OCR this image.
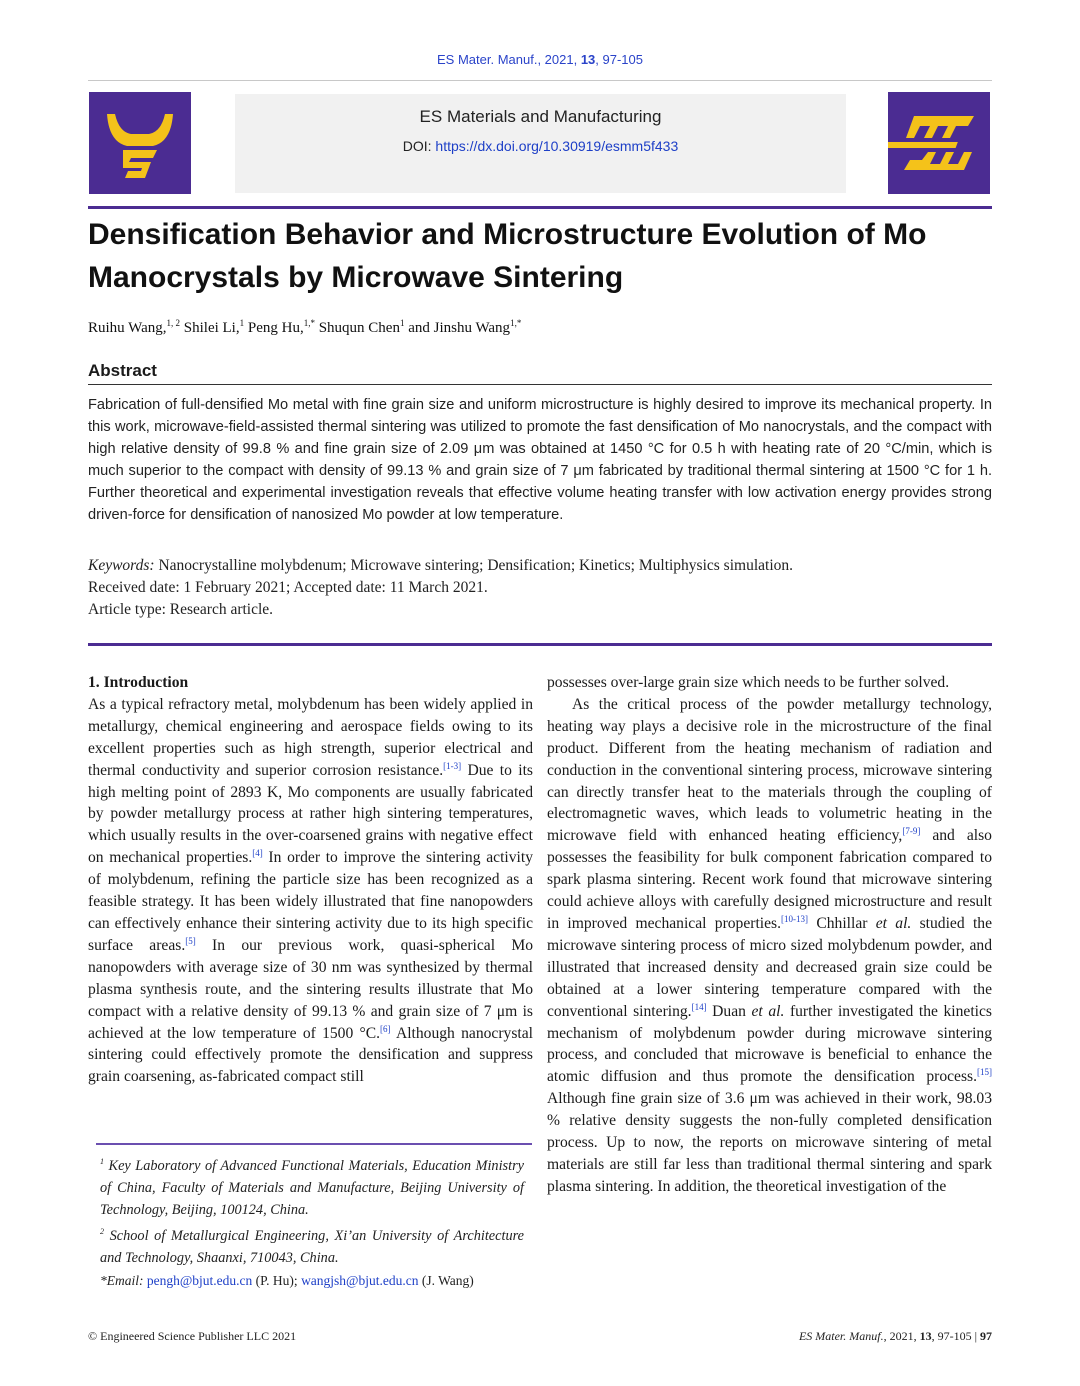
ES Mater. Manuf., 2021, 13, 97-105
ES Materials and Manufacturing
DOI: https://dx.doi.org/10.30919/esmm5f433
Densification Behavior and Microstructure Evolution of Mo Manocrystals by Microwave Sintering
Ruihu Wang,$^{1, 2}$ Shilei Li,$^1$ Peng Hu,$^{1,*}$ Shuqun Chen$^1$ and Jinshu Wang$^{1,*}$
Abstract
Fabrication of full-densified Mo metal with fine grain size and uniform microstructure is highly desired to improve its mechanical property. In this work, microwave-field-assisted thermal sintering was utilized to promote the fast densification of Mo nanocrystals, and the compact with high relative density of 99.8 % and fine grain size of 2.09 μm was obtained at 1450 °C for 0.5 h with heating rate of 20 °C/min, which is much superior to the compact with density of 99.13 % and grain size of 7 μm fabricated by traditional thermal sintering at 1500 °C for 1 h. Further theoretical and experimental investigation reveals that effective volume heating transfer with low activation energy provides strong driven-force for densification of nanosized Mo powder at low temperature.
Keywords: Nanocrystalline molybdenum; Microwave sintering; Densification; Kinetics; Multiphysics simulation.
Received date: 1 February 2021; Accepted date: 11 March 2021.
Article type: Research article.

1. Introduction

As a typical refractory metal, molybdenum has been widely applied in metallurgy, chemical engineering and aerospace fields owing to its excellent properties such as high strength, superior electrical and thermal conductivity and superior corrosion resistance.[1-3] Due to its high melting point of 2893 K, Mo components are usually fabricated by powder metallurgy process at rather high sintering temperatures, which usually results in the over-coarsened grains with negative effect on mechanical properties.[4] In order to improve the sintering activity of molybdenum, refining the particle size has been recognized as a feasible strategy. It has been widely illustrated that fine nanopowders can effectively enhance their sintering activity due to its high specific surface areas.[5] In our previous work, quasi-spherical Mo nanopowders with average size of 30 nm was synthesized by thermal plasma synthesis route, and the sintering results illustrate that Mo compact with a relative density of 99.13 % and grain size of 7 μm is achieved at the low temperature of 1500 °C.[6] Although nanocrystal sintering could effectively promote the densification and suppress grain coarsening, as-fabricated compact still

$^1$ Key Laboratory of Advanced Functional Materials, Education Ministry of China, Faculty of Materials and Manufacture, Beijing University of Technology, Beijing, 100124, China.

$^2$ School of Metallurgical Engineering, Xi’an University of Architecture and Technology, Shaanxi, 710043, China.

*Email: pengh@bjut.edu.cn (P. Hu); wangjsh@bjut.edu.cn (J. Wang)

possesses over-large grain size which needs to be further solved.

As the critical process of the powder metallurgy technology, heating way plays a decisive role in the microstructure of the final product. Different from the heating mechanism of radiation and conduction in the conventional sintering process, microwave sintering can directly transfer heat to the materials through the coupling of electromagnetic waves, which leads to volumetric heating in the microwave field with enhanced heating efficiency,[7-9] and also possesses the feasibility for bulk component fabrication compared to spark plasma sintering. Recent work found that microwave sintering could achieve alloys with carefully designed microstructure and result in improved mechanical properties.[10-13] Chhillar et al. studied the microwave sintering process of micro sized molybdenum powder, and illustrated that increased density and decreased grain size could be obtained at a lower sintering temperature compared with the conventional sintering.[14] Duan et al. further investigated the kinetics mechanism of molybdenum powder during microwave sintering process, and concluded that microwave is beneficial to enhance the atomic diffusion and thus promote the densification process.[15] Although fine grain size of 3.6 μm was achieved in their work, 98.03 % relative density suggests the non-fully completed densification process. Up to now, the reports on microwave sintering of metal materials are still far less than traditional thermal sintering and spark plasma sintering. In addition, the theoretical investigation of the

© Engineered Science Publisher LLC 2021	ES Mater. Manuf., 2021, 13, 97-105 | 97
